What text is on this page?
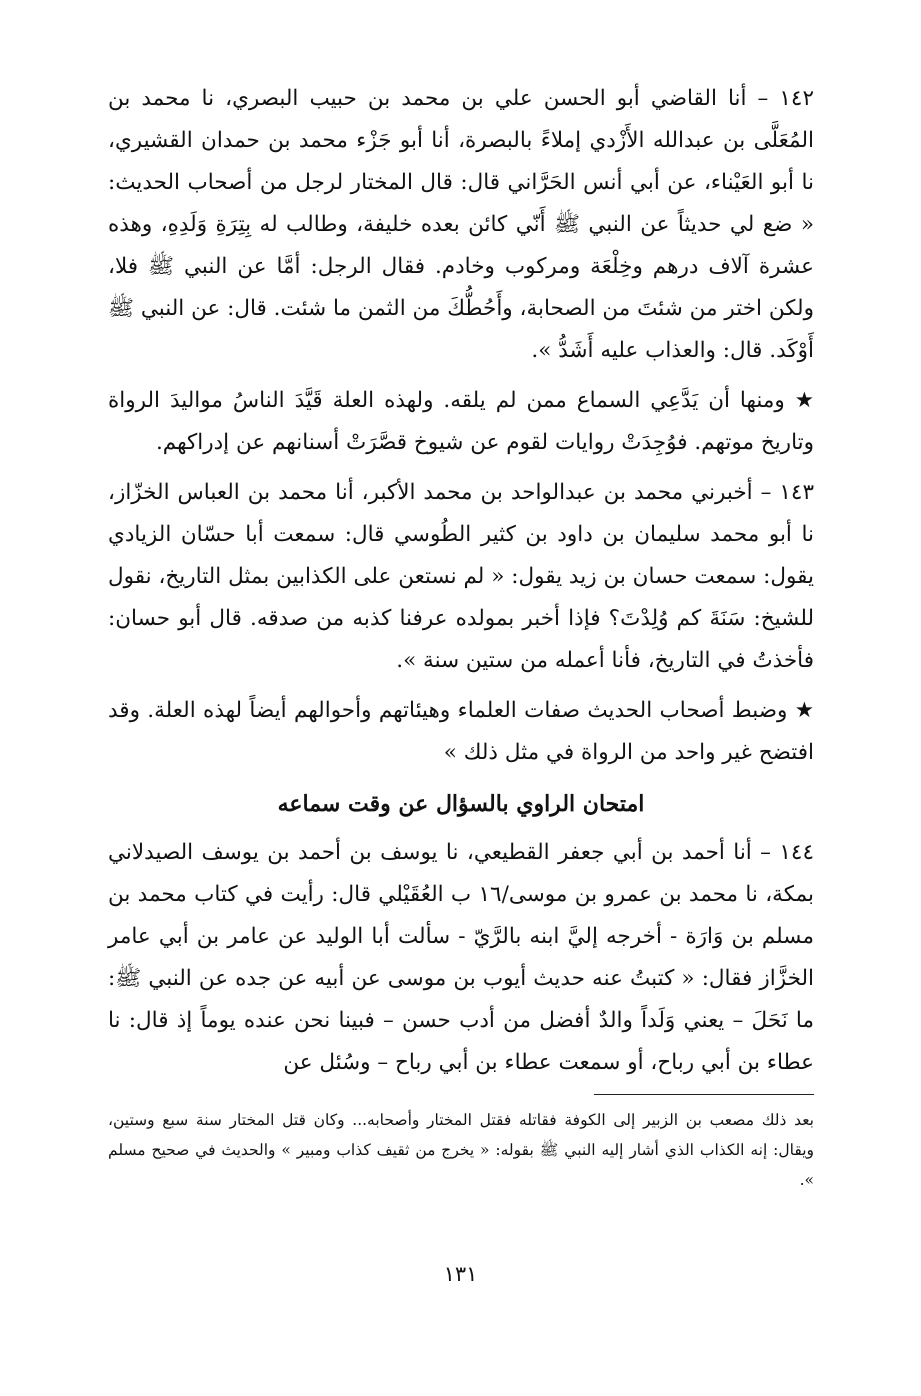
١٤٢ – أنا القاضي أبو الحسن علي بن محمد بن حبيب البصري، نا محمد بن المُعَلَّى بن عبدالله الأَزْدي إملاءً بالبصرة، أنا أبو جَزْء محمد بن حمدان القشيري، نا أبو العَيْناء، عن أبي أنس الحَرَّاني قال: قال المختار لرجل من أصحاب الحديث: « ضع لي حديثاً عن النبي ﷺ أَنّي كائن بعده خليفة، وطالب له بِتِرَةِ وَلَدِهِ، وهذه عشرة آلاف درهم وخِلْعَة ومركوب وخادم. فقال الرجل: أمَّا عن النبي ﷺ فلا، ولكن اختر من شئتَ من الصحابة، وأَحُطُّكَ من الثمن ما شئت. قال: عن النبي ﷺ أَوْكَد. قال: والعذاب عليه أَشَدُّ ».

★ ومنها أن يَدَّعِي السماع ممن لم يلقه. ولهذه العلة قَيَّدَ الناسُ مواليدَ الرواة وتاريخ موتهم. فوُجِدَتْ روايات لقوم عن شيوخ قصَّرَتْ أسنانهم عن إدراكهم.

١٤٣ – أخبرني محمد بن عبدالواحد بن محمد الأكبر، أنا محمد بن العباس الخزّاز، نا أبو محمد سليمان بن داود بن كثير الطُوسي قال: سمعت أبا حسّان الزيادي يقول: سمعت حسان بن زيد يقول: « لم نستعن على الكذابين بمثل التاريخ، نقول للشيخ: سَنَةَ كم وُلِدْتَ؟ فإذا أخبر بمولده عرفنا كذبه من صدقه. قال أبو حسان: فأخذتُ في التاريخ، فأنا أعمله من ستين سنة ».

★ وضبط أصحاب الحديث صفات العلماء وهيئاتهم وأحوالهم أيضاً لهذه العلة. وقد افتضح غير واحد من الرواة في مثل ذلك »

امتحان الراوي بالسؤال عن وقت سماعه

١٤٤ – أنا أحمد بن أبي جعفر القطيعي، نا يوسف بن أحمد بن يوسف الصيدلاني بمكة، نا محمد بن عمرو بن موسى/١٦ ب العُقَيْلي قال: رأيت في كتاب محمد بن مسلم بن وَارَة - أخرجه إليَّ ابنه بالرَّيّ - سألت أبا الوليد عن عامر بن أبي عامر الخزَّاز فقال: « كتبتُ عنه حديث أيوب بن موسى عن أبيه عن جده عن النبي ﷺ: ما نَحَلَ – يعني وَلَداً والدٌ أفضل من أدب حسن – فبينا نحن عنده يوماً إذ قال: نا عطاء بن أبي رباح، أو سمعت عطاء بن أبي رباح – وسُئل عن

بعد ذلك مصعب بن الزبير إلى الكوفة فقاتله فقتل المختار وأصحابه... وكان قتل المختار سنة سبع وستين، ويقال: إنه الكذاب الذي أشار إليه النبي ﷺ بقوله: « يخرج من ثقيف كذاب ومبير » والحديث في صحيح مسلم ».

١٣١
